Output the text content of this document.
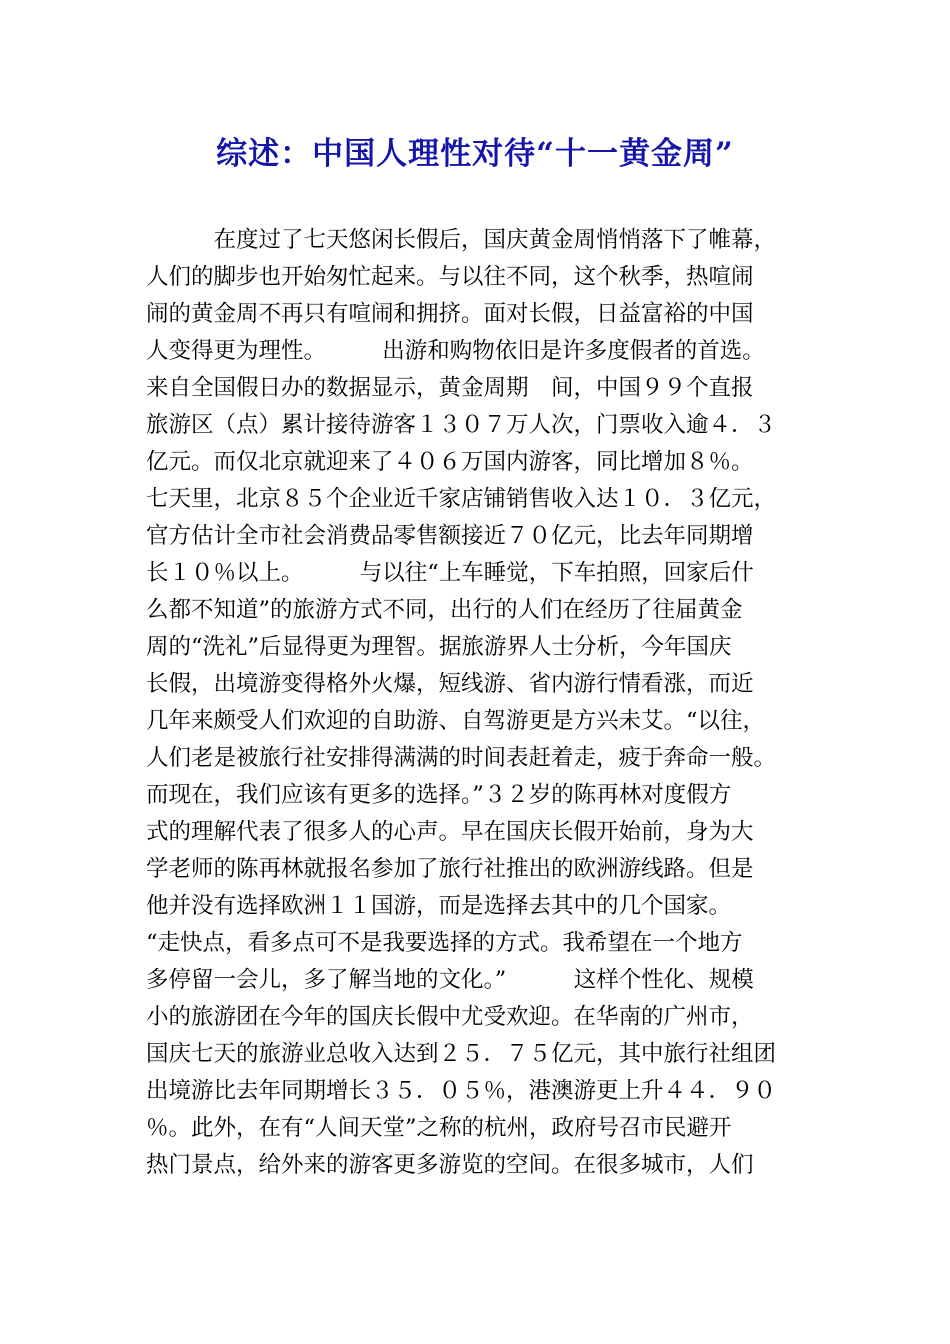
综述：中国人理性对待“十一黄金周”
　　　在度过了七天悠闲长假后，国庆黄金周悄悄落下了帷幕，
人们的脚步也开始匆忙起来。与以往不同，这个秋季，热喧闹
闹的黄金周不再只有喧闹和拥挤。面对长假，日益富裕的中国
人变得更为理性。　　　出游和购物依旧是许多度假者的首选。
来自全国假日办的数据显示，黄金周期　间，中国９９个直报
旅游区（点）累计接待游客１３０７万人次，门票收入逾４．３
亿元。而仅北京就迎来了４０６万国内游客，同比增加８％。
七天里，北京８５个企业近千家店铺销售收入达１０．３亿元，
官方估计全市社会消费品零售额接近７０亿元，比去年同期增
长１０％以上。　　　与以往“上车睡觉，下车拍照，回家后什
么都不知道”的旅游方式不同，出行的人们在经历了往届黄金
周的“洗礼”后显得更为理智。据旅游界人士分析，今年国庆
长假，出境游变得格外火爆，短线游、省内游行情看涨，而近
几年来颇受人们欢迎的自助游、自驾游更是方兴未艾。“以往，
人们老是被旅行社安排得满满的时间表赶着走，疲于奔命一般。
而现在，我们应该有更多的选择。”３２岁的陈再林对度假方
式的理解代表了很多人的心声。早在国庆长假开始前，身为大
学老师的陈再林就报名参加了旅行社推出的欧洲游线路。但是
他并没有选择欧洲１１国游，而是选择去其中的几个国家。
“走快点，看多点可不是我要选择的方式。我希望在一个地方
多停留一会儿，多了解当地的文化。”　　　这样个性化、规模
小的旅游团在今年的国庆长假中尤受欢迎。在华南的广州市，
国庆七天的旅游业总收入达到２５．７５亿元，其中旅行社组团
出境游比去年同期增长３５．０５％，港澳游更上升４４．９０
％。此外，在有“人间天堂”之称的杭州，政府号召市民避开
热门景点，给外来的游客更多游览的空间。在很多城市，人们
